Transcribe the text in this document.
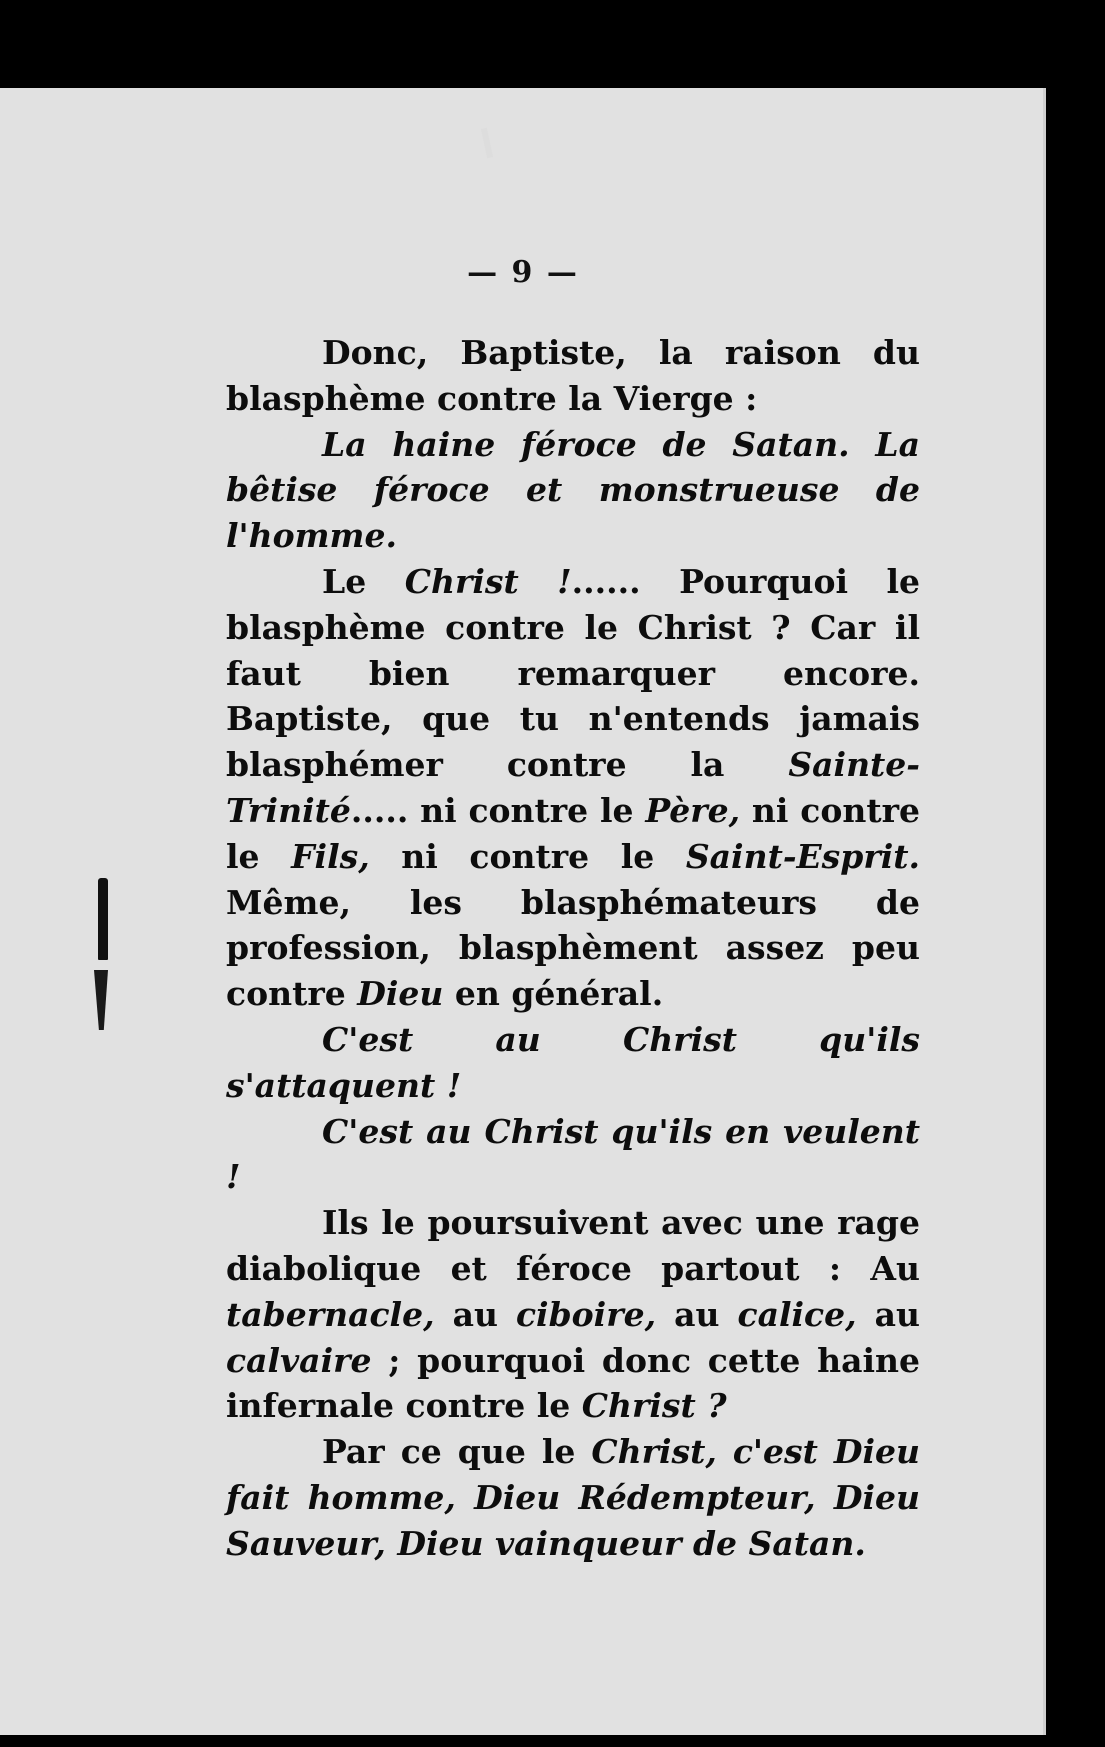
— 9 —

Donc, Baptiste, la raison du blasphème contre la Vierge :

La haine féroce de Satan. La bêtise féroce et monstrueuse de l'homme.

Le Christ !...... Pourquoi le blasphème contre le Christ ? Car il faut bien remarquer encore. Baptiste, que tu n'entends jamais blasphémer contre la Sainte-Trinité..... ni contre le Père, ni contre le Fils, ni contre le Saint-Esprit. Même, les blasphémateurs de profession, blasphèment assez peu contre Dieu en général.

C'est au Christ qu'ils s'attaquent !

C'est au Christ qu'ils en veulent !

Ils le poursuivent avec une rage diabolique et féroce partout : Au tabernacle, au ciboire, au calice, au calvaire ; pourquoi donc cette haine infernale contre le Christ ?

Par ce que le Christ, c'est Dieu fait homme, Dieu Rédempteur, Dieu Sauveur, Dieu vainqueur de Satan.
